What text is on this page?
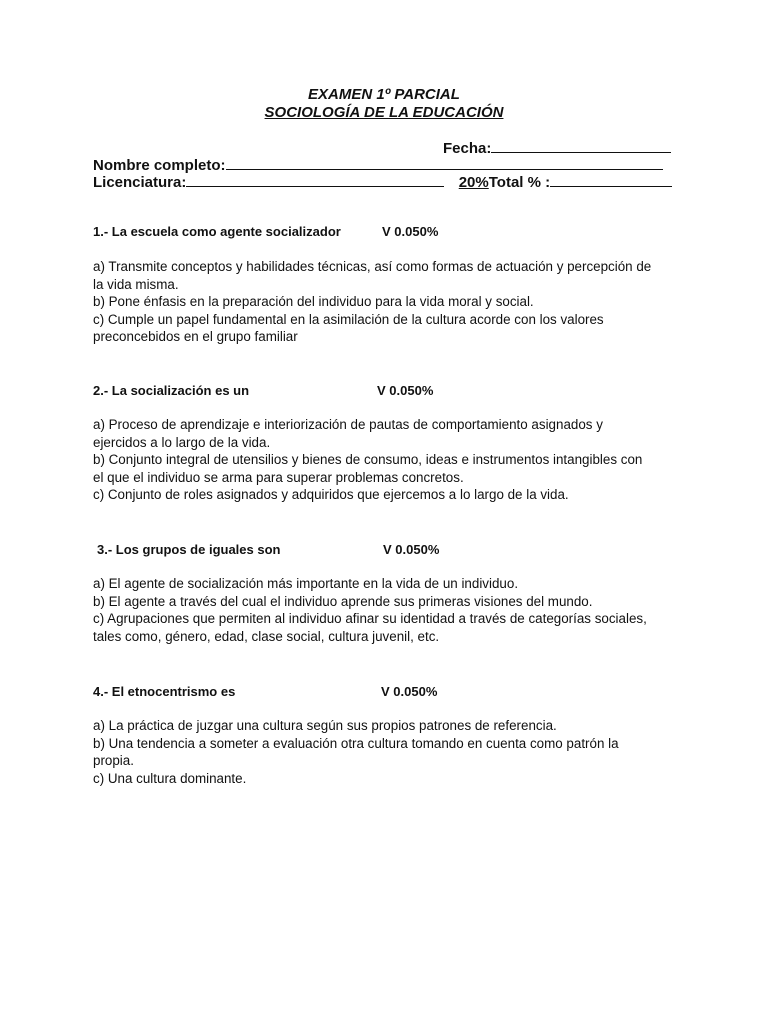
EXAMEN 1º PARCIAL
SOCIOLOGÍA DE LA EDUCACIÓN
Fecha:
Nombre completo:
Licenciatura:	20%Total % :
1.- La escuela como agente socializador	V 0.050%

a) Transmite conceptos y habilidades técnicas, así como formas de actuación y percepción de la vida misma.

b) Pone énfasis en la preparación del individuo para la vida moral y social.

c) Cumple un papel fundamental en la asimilación de la cultura acorde con los valores preconcebidos en el grupo familiar

2.- La socialización es un	V 0.050%

a) Proceso de aprendizaje e interiorización de pautas de comportamiento asignados y ejercidos a lo largo de la vida.

b) Conjunto integral de utensilios y bienes de consumo, ideas e instrumentos intangibles con el que el individuo se arma para superar problemas concretos.

c) Conjunto de roles asignados y adquiridos que ejercemos a lo largo de la vida.

3.- Los grupos de iguales son	V 0.050%

a) El agente de socialización más importante en la vida de un individuo.

b) El agente a través del cual el individuo aprende sus primeras visiones del mundo.

c) Agrupaciones que permiten al individuo afinar su identidad a través de categorías sociales, tales como, género, edad, clase social, cultura juvenil, etc.

4.- El etnocentrismo es	V 0.050%

a) La práctica de juzgar una cultura según sus propios patrones de referencia.

b) Una tendencia a someter a evaluación otra cultura tomando en cuenta como patrón la propia.

c) Una cultura dominante.
